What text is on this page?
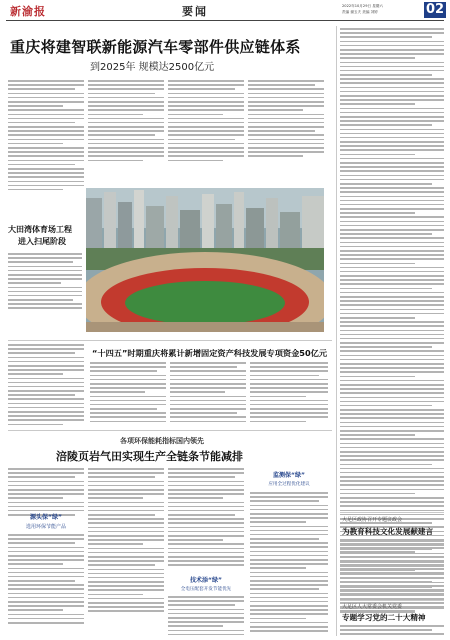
新渝报	要闻	2022年10月29日 星期六
责编 谢玉夫 美编 刘婷	02
重庆将建智联新能源汽车零部件供应链体系
到2025年 规模达2500亿元
大田湾体育场工程
进入扫尾阶段
“十四五”时期重庆将累计新增固定资产科技发展专项资金50亿元
各项环保能耗指标国内领先
涪陵页岩气田实现生产全链条节能减排
源头保“绿”
选用环保节能产品
技术添“绿”
全电压配套开发节能优先
监测保“绿”
应用全过程优化建议
大足区政协召开专题议政会
为教育科技文化发展献建言
大足区人大常委会机关党委
专题学习党的二十大精神
